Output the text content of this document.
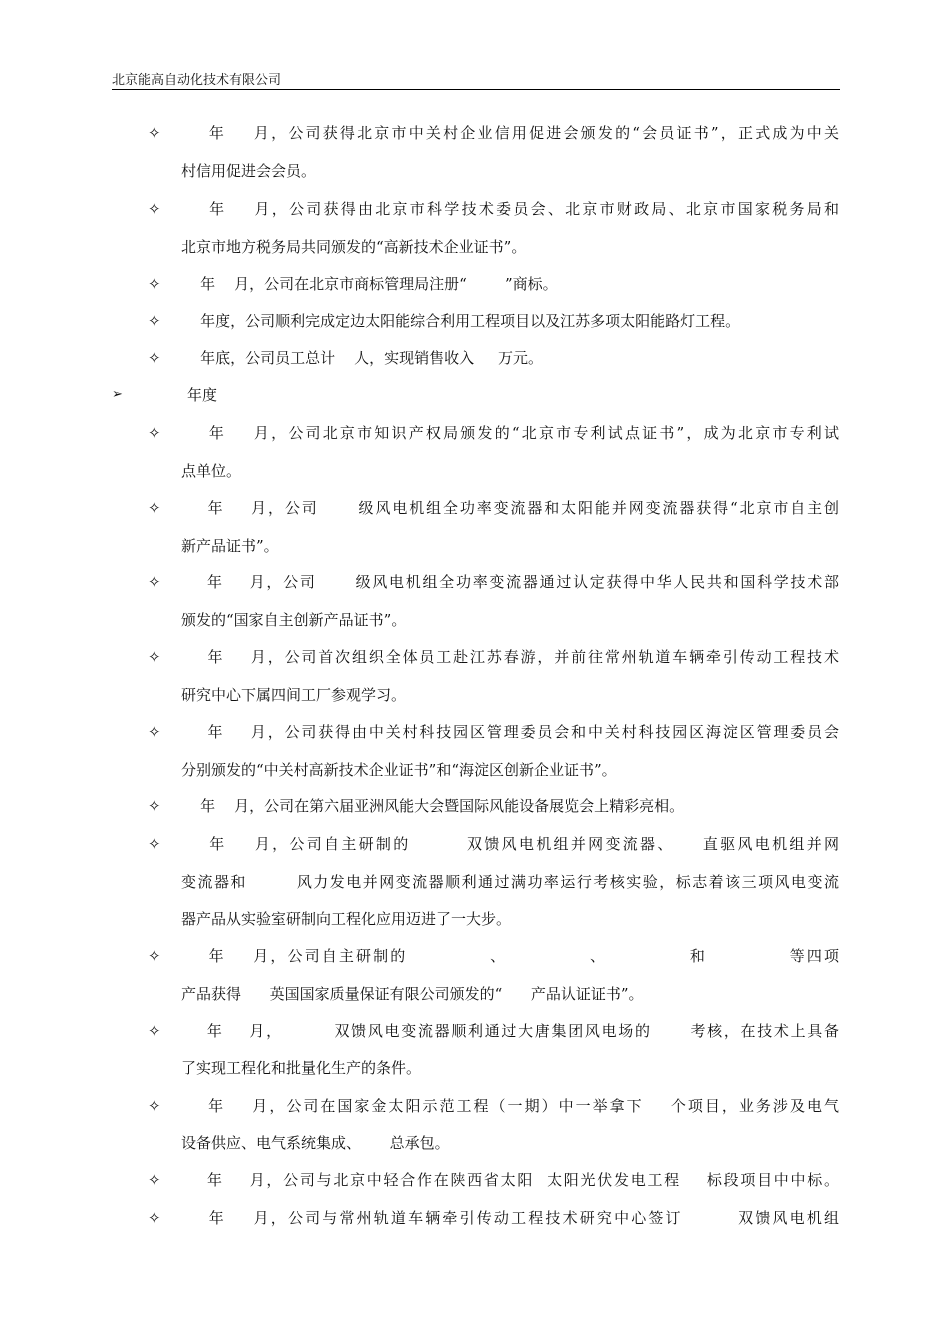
北京能高自动化技术有限公司
✧ 年    月，公司获得北京市中关村企业信用促进会颁发的“会员证书”，正式成为中关
村信用促进会会员。
✧ 年    月，公司获得由北京市科学技术委员会、北京市财政局、北京市国家税务局和
北京市地方税务局共同颁发的“高新技术企业证书”。
✧ 年    月，公司在北京市商标管理局注册“        ”商标。
✧ 年度，公司顺利完成定边太阳能综合利用工程项目以及江苏多项太阳能路灯工程。
✧ 年底，公司员工总计    人，实现销售收入     万元。
➢	年度
✧ 年    月，公司北京市知识产权局颁发的“北京市专利试点证书”，成为北京市专利试
点单位。
✧ 年    月，公司      级风电机组全功率变流器和太阳能并网变流器获得“北京市自主创
新产品证书”。
✧ 年    月，公司      级风电机组全功率变流器通过认定获得中华人民共和国科学技术部
颁发的“国家自主创新产品证书”。
✧ 年    月，公司首次组织全体员工赴江苏春游，并前往常州轨道车辆牵引传动工程技术
研究中心下属四间工厂参观学习。
✧ 年    月，公司获得由中关村科技园区管理委员会和中关村科技园区海淀区管理委员会
分别颁发的“中关村高新技术企业证书”和“海淀区创新企业证书”。
✧ 年    月，公司在第六届亚洲风能大会暨国际风能设备展览会上精彩亮相。
✧ 年    月，公司自主研制的        双馈风电机组并网变流器、    直驱风电机组并网
变流器和        风力发电并网变流器顺利通过满功率运行考核实验，标志着该三项风电变流
器产品从实验室研制向工程化应用迈进了一大步。
✧ 年    月，公司自主研制的            、            、            和            等四项
产品获得      英国国家质量保证有限公司颁发的“      产品认证证书”。
✧ 年    月，        双馈风电变流器顺利通过大唐集团风电场的      考核，在技术上具备
了实现工程化和批量化生产的条件。
✧ 年    月，公司在国家金太阳示范工程（一期）中一举拿下    个项目，业务涉及电气
设备供应、电气系统集成、      总承包。
✧ 年    月，公司与北京中轻合作在陕西省太阳  太阳光伏发电工程    标段项目中中标。
✧ 年    月，公司与常州轨道车辆牵引传动工程技术研究中心签订        双馈风电机组
